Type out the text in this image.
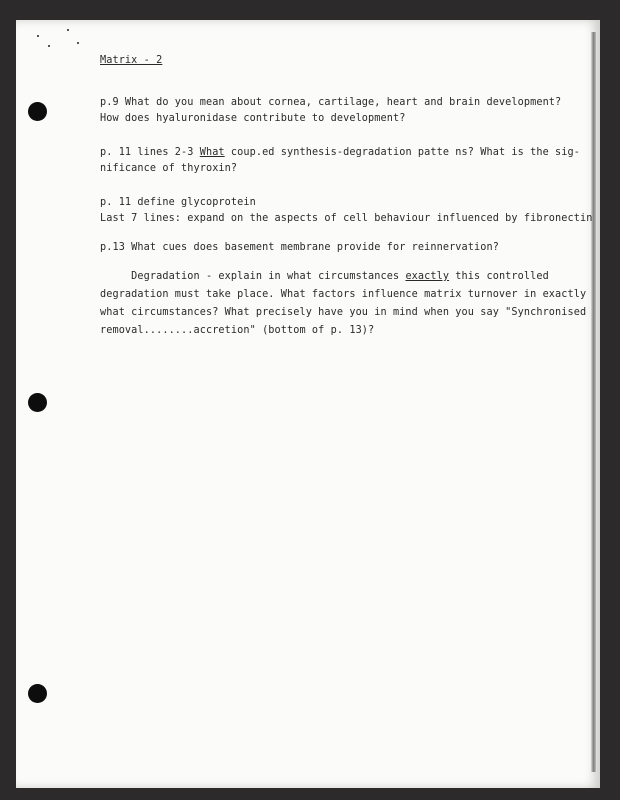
Matrix - 2
p.9 What do you mean about cornea, cartilage, heart and brain development?
How does hyaluronidase contribute to development?
p. 11 lines 2-3 What coup.ed synthesis-degradation patte ns? What is the sig-
nificance of thyroxin?
p. 11 define glycoprotein
Last 7 lines: expand on the aspects of cell behaviour influenced by fibronectin
p.13 What cues does basement membrane provide for reinnervation?
Degradation - explain in what circumstances exactly this controlled
degradation must take place. What factors influence matrix turnover in exactly
what circumstances? What precisely have you in mind when you say "Synchronised
removal........accretion" (bottom of p. 13)?
